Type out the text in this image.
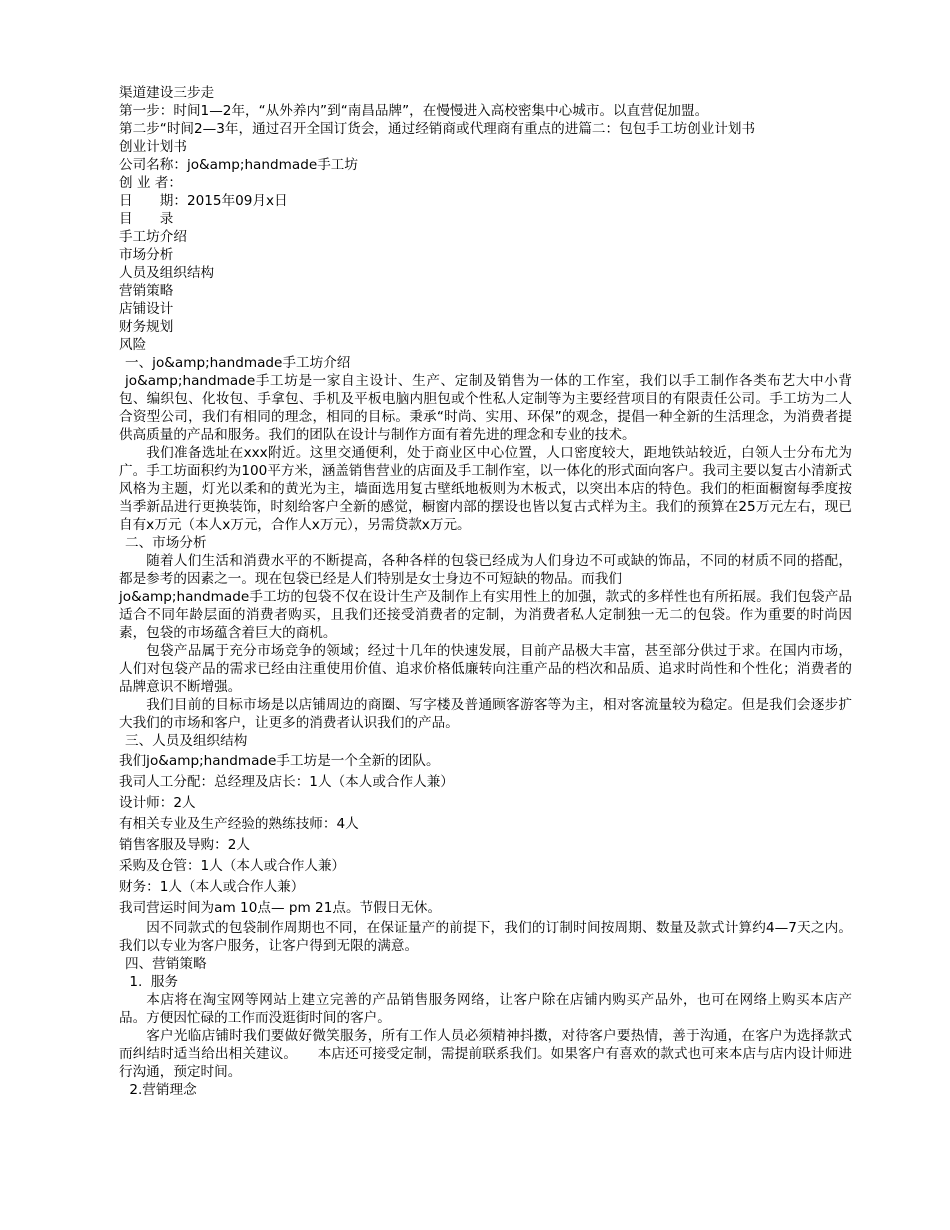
渠道建设三步走
第一步：时间1—2年，“从外养内”到“南昌品牌”，在慢慢进入高校密集中心城市。以直营促加盟。
第二步“时间2—3年，通过召开全国订货会，通过经销商或代理商有重点的进篇二：包包手工坊创业计划书
创业计划书
公司名称：jo&amp;handmade手工坊
创 业 者：
日　　期：2015年09月x日
目　　录
手工坊介绍
市场分析
人员及组织结构
营销策略
店铺设计
财务规划
风险
一、jo&amp;handmade手工坊介绍
jo&amp;handmade手工坊是一家自主设计、生产、定制及销售为一体的工作室，我们以手工制作各类布艺大中小背包、编织包、化妆包、手拿包、手机及平板电脑内胆包或个性私人定制等为主要经营项目的有限责任公司。手工坊为二人合资型公司，我们有相同的理念，相同的目标。秉承“时尚、实用、环保”的观念，提倡一种全新的生活理念，为消费者提供高质量的产品和服务。我们的团队在设计与制作方面有着先进的理念和专业的技术。
我们准备选址在xxx附近。这里交通便利，处于商业区中心位置，人口密度较大，距地铁站较近，白领人士分布尤为广。手工坊面积约为100平方米，涵盖销售营业的店面及手工制作室，以一体化的形式面向客户。我司主要以复古小清新式风格为主题，灯光以柔和的黄光为主，墙面选用复古壁纸地板则为木板式，以突出本店的特色。我们的柜面橱窗每季度按当季新品进行更换装饰，时刻给客户全新的感觉，橱窗内部的摆设也皆以复古式样为主。我们的预算在25万元左右，现已自有x万元（本人x万元，合作人x万元），另需贷款x万元。
二、市场分析
随着人们生活和消费水平的不断提高，各种各样的包袋已经成为人们身边不可或缺的饰品，不同的材质不同的搭配，都是参考的因素之一。现在包袋已经是人们特别是女士身边不可短缺的物品。而我们
jo&amp;handmade手工坊的包袋不仅在设计生产及制作上有实用性上的加强，款式的多样性也有所拓展。我们包袋产品适合不同年龄层面的消费者购买，且我们还接受消费者的定制，为消费者私人定制独一无二的包袋。作为重要的时尚因素，包袋的市场蕴含着巨大的商机。
包袋产品属于充分市场竞争的领域；经过十几年的快速发展，目前产品极大丰富，甚至部分供过于求。在国内市场，人们对包袋产品的需求已经由注重使用价值、追求价格低廉转向注重产品的档次和品质、追求时尚性和个性化；消费者的品牌意识不断增强。
我们目前的目标市场是以店铺周边的商圈、写字楼及普通顾客游客等为主，相对客流量较为稳定。但是我们会逐步扩大我们的市场和客户，让更多的消费者认识我们的产品。
三、人员及组织结构
我们jo&amp;handmade手工坊是一个全新的团队。
我司人工分配：总经理及店长：1人（本人或合作人兼）
设计师：2人
有相关专业及生产经验的熟练技师：4人
销售客服及导购：2人
采购及仓管：1人（本人或合作人兼）
财务：1人（本人或合作人兼）
我司营运时间为am 10点— pm 21点。节假日无休。
因不同款式的包袋制作周期也不同，在保证量产的前提下，我们的订制时间按周期、数量及款式计算约4—7天之内。我们以专业为客户服务，让客户得到无限的满意。
四、营销策略
1.  服务
本店将在淘宝网等网站上建立完善的产品销售服务网络，让客户除在店铺内购买产品外，也可在网络上购买本店产品。方便因忙碌的工作而没逛街时间的客户。
客户光临店铺时我们要做好微笑服务，所有工作人员必须精神抖擞，对待客户要热情，善于沟通，在客户为选择款式而纠结时适当给出相关建议。　　本店还可接受定制，需提前联系我们。如果客户有喜欢的款式也可来本店与店内设计师进行沟通，预定时间。
2.营销理念
